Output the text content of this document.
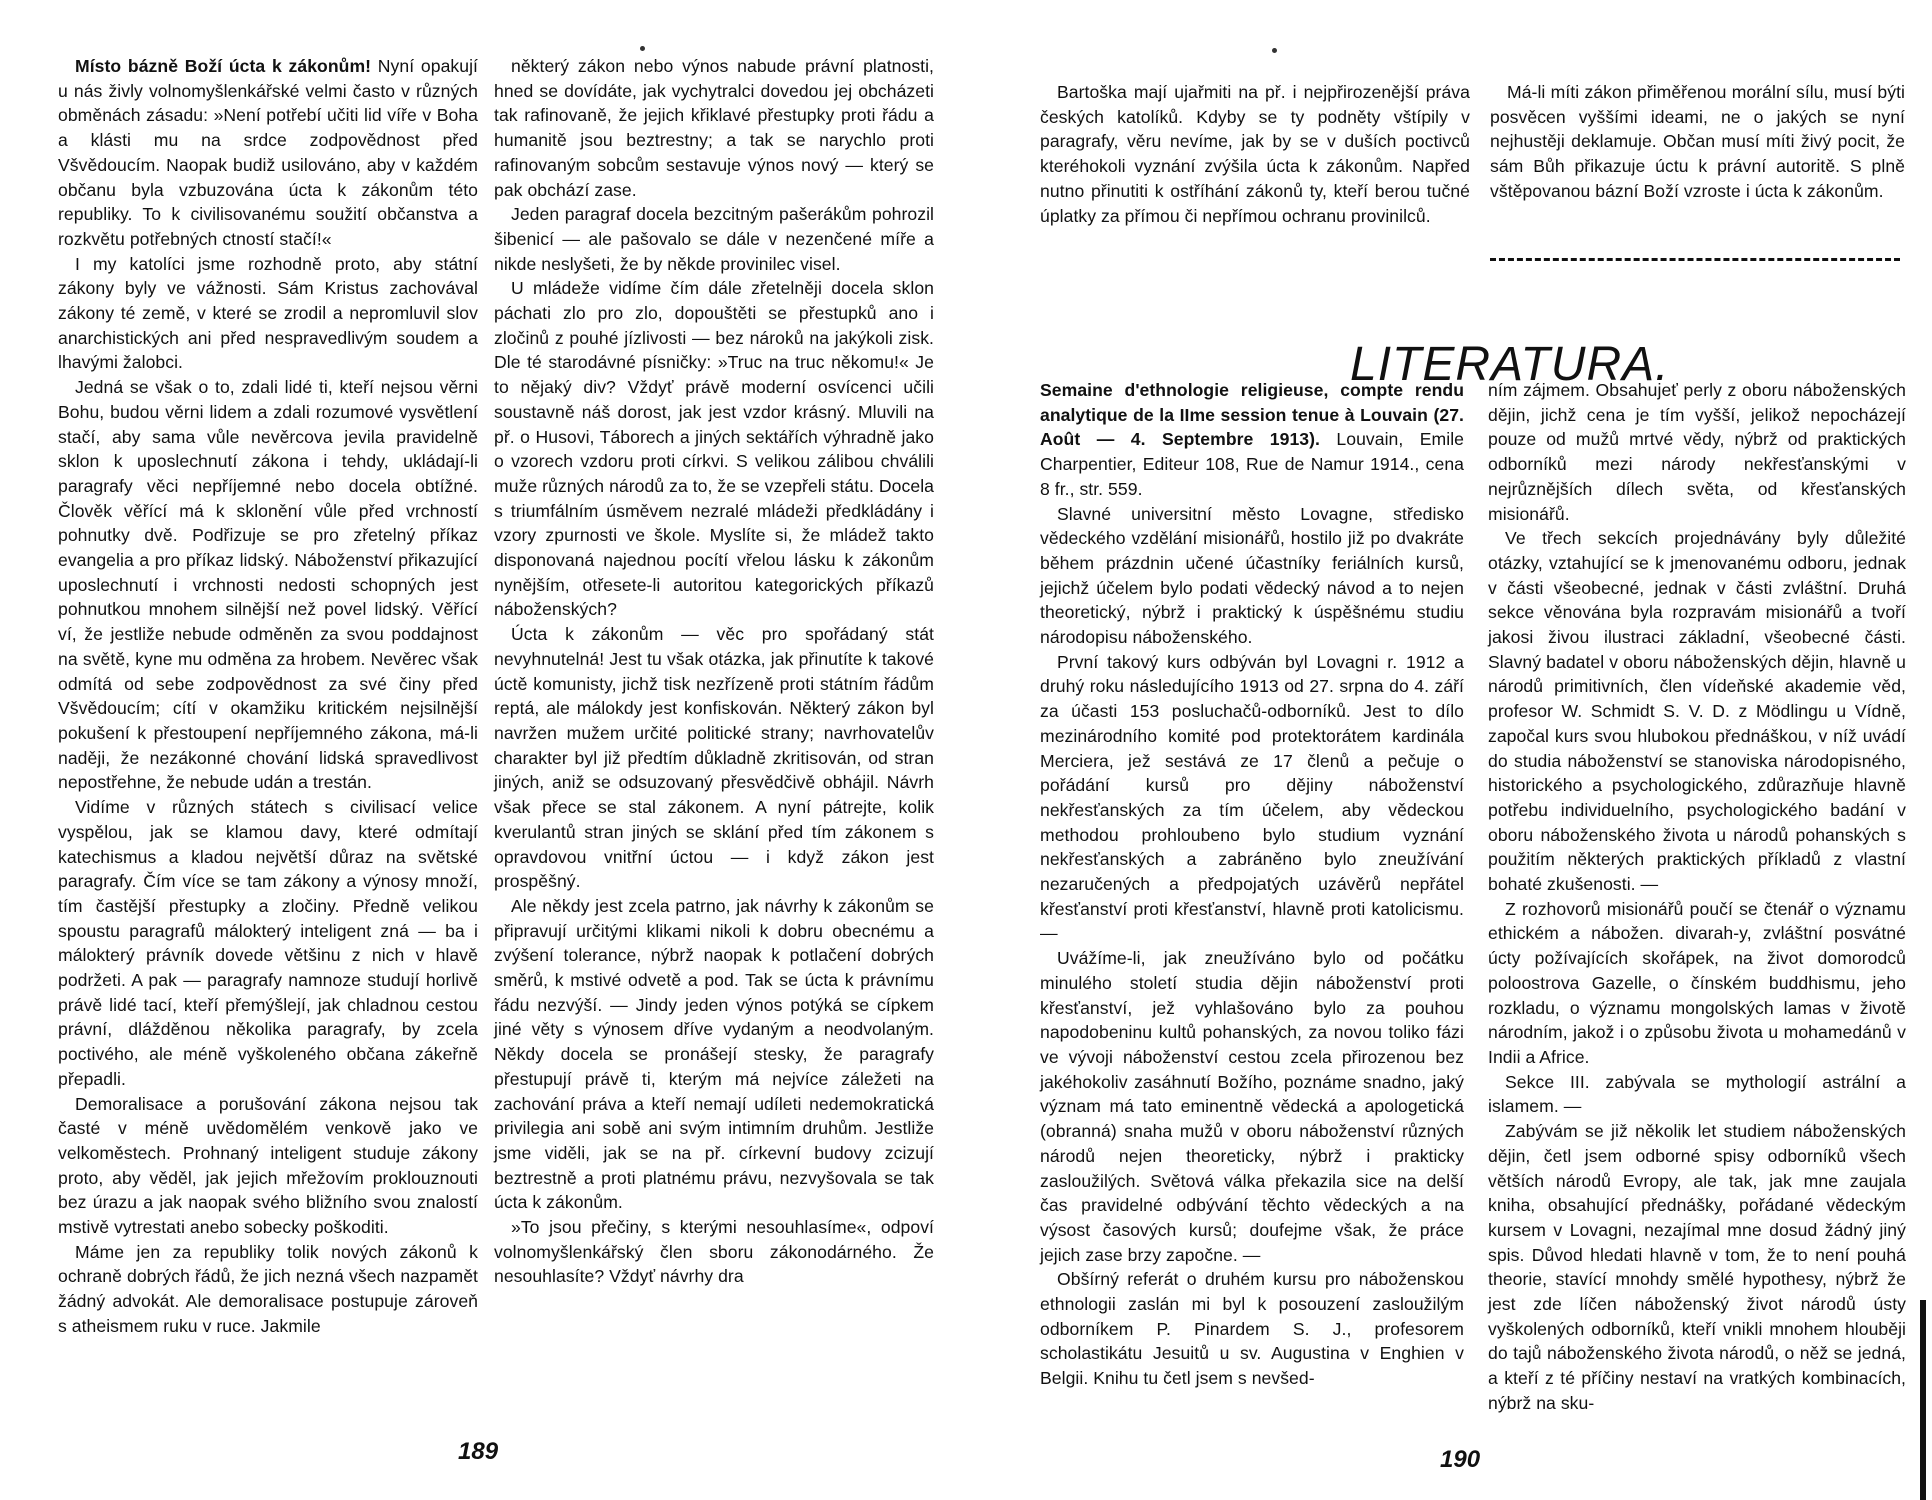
Místo bázně Boží úcta k zákonům! Nyní opakují u nás živly volnomyšlenkářské velmi často v různých obměnách zásadu: »Není potřebí učiti lid víře v Boha a klásti mu na srdce zodpovědnost před Všvědoucím. Naopak budiž usilováno, aby v každém občanu byla vzbuzována úcta k zákonům této republiky. To k civilisovanému soužití občanstva a rozkvětu potřebných ctností stačí!«

I my katolíci jsme rozhodně proto, aby státní zákony byly ve vážnosti. Sám Kristus zachovával zákony té země, v které se zrodil a nepromluvil slov anarchistických ani před nespravedlivým soudem a lhavými žalobci.

Jedná se však o to, zdali lidé ti, kteří nejsou věrni Bohu, budou věrni lidem a zdali rozumové vysvětlení stačí, aby sama vůle nevěrcova jevila pravidelně sklon k uposlechnutí zákona i tehdy, ukládají-li paragrafy věci nepříjemné nebo docela obtížné. Člověk věřící má k sklonění vůle před vrchností pohnutky dvě. Podřizuje se pro zřetelný příkaz evangelia a pro příkaz lidský. Náboženství přikazující uposlechnutí i vrchnosti nedosti schopných jest pohnutkou mnohem silnější než povel lidský. Věřící ví, že jestliže nebude odměněn za svou poddajnost na světě, kyne mu odměna za hrobem. Nevěrec však odmítá od sebe zodpovědnost za své činy před Všvědoucím; cítí v okamžiku kritickém nejsilnější pokušení k přestoupení nepříjemného zákona, má-li naději, že nezákonné chování lidská spravedlivost nepostřehne, že nebude udán a trestán.

Vidíme v různých státech s civilisací velice vyspělou, jak se klamou davy, které odmítají katechismus a kladou největší důraz na světské paragrafy. Čím více se tam zákony a výnosy množí, tím častější přestupky a zločiny. Předně velikou spoustu paragrafů málokterý inteligent zná — ba i málokterý právník dovede většinu z nich v hlavě podržeti. A pak — paragrafy namnoze studují horlivě právě lidé tací, kteří přemýšlejí, jak chladnou cestou právní, dlážděnou několika paragrafy, by zcela poctivého, ale méně vyškoleného občana zákeřně přepadli.

Demoralisace a porušování zákona nejsou tak časté v méně uvědomělém venkově jako ve velkoměstech. Prohnaný inteligent studuje zákony proto, aby věděl, jak jejich mřežovím proklouznouti bez úrazu a jak naopak svého bližního svou znalostí mstivě vytrestati anebo sobecky poškoditi.

Máme jen za republiky tolik nových zákonů k ochraně dobrých řádů, že jich nezná všech nazpamět žádný advokát. Ale demoralisace postupuje zároveň s atheismem ruku v ruce. Jakmile

některý zákon nebo výnos nabude právní platnosti, hned se dovídáte, jak vychytralci dovedou jej obcházeti tak rafinovaně, že jejich křiklavé přestupky proti řádu a humanitě jsou beztrestny; a tak se narychlo proti rafinovaným sobcům sestavuje výnos nový — který se pak obchází zase.

Jeden paragraf docela bezcitným pašerákům pohrozil šibenicí — ale pašovalo se dále v nezenčené míře a nikde neslyšeti, že by někde provinilec visel.

U mládeže vidíme čím dále zřetelněji docela sklon páchati zlo pro zlo, dopouštěti se přestupků ano i zločinů z pouhé jízlivosti — bez nároků na jakýkoli zisk. Dle té starodávné písničky: »Truc na truc někomu!« Je to nějaký div? Vždyť právě moderní osvícenci učili soustavně náš dorost, jak jest vzdor krásný. Mluvili na př. o Husovi, Táborech a jiných sektářích výhradně jako o vzorech vzdoru proti církvi. S velikou zálibou chválili muže různých národů za to, že se vzepřeli státu. Docela s triumfálním úsměvem nezralé mládeži předkládány i vzory zpurnosti ve škole. Myslíte si, že mládež takto disponovaná najednou pocítí vřelou lásku k zákonům nynějším, otřesete-li autoritou kategorických příkazů náboženských?

Úcta k zákonům — věc pro spořádaný stát nevyhnutelná! Jest tu však otázka, jak přinutíte k takové úctě komunisty, jichž tisk nezřízeně proti státním řádům reptá, ale málokdy jest konfiskován. Některý zákon byl navržen mužem určité politické strany; navrhovatelův charakter byl již předtím důkladně zkritisován, od stran jiných, aniž se odsuzovaný přesvědčivě obhájil. Návrh však přece se stal zákonem. A nyní pátrejte, kolik kverulantů stran jiných se sklání před tím zákonem s opravdovou vnitřní úctou — i když zákon jest prospěšný.

Ale někdy jest zcela patrno, jak návrhy k zákonům se připravují určitými klikami nikoli k dobru obecnému a zvýšení tolerance, nýbrž naopak k potlačení dobrých směrů, k mstivé odvetě a pod. Tak se úcta k právnímu řádu nezvýší. — Jindy jeden výnos potýká se cípkem jiné věty s výnosem dříve vydaným a neodvolaným. Někdy docela se pronášejí stesky, že paragrafy přestupují právě ti, kterým má nejvíce záležeti na zachování práva a kteří nemají udíleti nedemokratická privilegia ani sobě ani svým intimním druhům. Jestliže jsme viděli, jak se na př. církevní budovy zcizují beztrestně a proti platnému právu, nezvyšovala se tak úcta k zákonům.

»To jsou přečiny, s kterými nesouhlasíme«, odpoví volnomyšlenkářský člen sboru zákonodárného. Že nesouhlasíte? Vždyť návrhy dra

189

Bartoška mají ujařmiti na př. i nejpřirozenější práva českých katolíků. Kdyby se ty podněty vštípily v paragrafy, věru nevíme, jak by se v duších poctivců kteréhokoli vyznání zvýšila úcta k zákonům. Napřed nutno přinutiti k ostříhání zákonů ty, kteří berou tučné úplatky za přímou či nepřímou ochranu provinilců.

Má-li míti zákon přiměřenou morální sílu, musí býti posvěcen vyššími ideami, ne o jakých se nyní nejhustěji deklamuje. Občan musí míti živý pocit, že sám Bůh přikazuje úctu k právní autoritě. S plně vštěpovanou bázní Boží vzroste i úcta k zákonům.

LITERATURA.

Semaine d'ethnologie religieuse, compte rendu analytique de la IIme session tenue à Louvain (27. Août — 4. Septembre 1913). Louvain, Emile Charpentier, Editeur 108, Rue de Namur 1914., cena 8 fr., str. 559.

Slavné universitní město Lovagne, středisko vědeckého vzdělání misionářů, hostilo již po dvakráte během prázdnin učené účastníky feriálních kursů, jejichž účelem bylo podati vědecký návod a to nejen theoretický, nýbrž i praktický k úspěšnému studiu národopisu náboženského.

První takový kurs odbýván byl Lovagni r. 1912 a druhý roku následujícího 1913 od 27. srpna do 4. září za účasti 153 posluchačů-odborníků. Jest to dílo mezinárodního komité pod protektorátem kardinála Merciera, jež sestává ze 17 členů a pečuje o pořádání kursů pro dějiny náboženství nekřesťanských za tím účelem, aby vědeckou methodou prohloubeno bylo studium vyznání nekřesťanských a zabráněno bylo zneužívání nezaručených a předpojatých uzávěrů nepřátel křesťanství proti křesťanství, hlavně proti katolicismu. —

Uvážíme-li, jak zneužíváno bylo od počátku minulého století studia dějin náboženství proti křesťanství, jež vyhlašováno bylo za pouhou napodobeninu kultů pohanských, za novou toliko fázi ve vývoji náboženství cestou zcela přirozenou bez jakéhokoliv zasáhnutí Božího, poznáme snadno, jaký význam má tato eminentně vědecká a apologetická (obranná) snaha mužů v oboru náboženství různých národů nejen theoreticky, nýbrž i prakticky zasloužilých. Světová válka překazila sice na delší čas pravidelné odbývání těchto vědeckých a na výsost časových kursů; doufejme však, že práce jejich zase brzy započne. —

Obšírný referát o druhém kursu pro náboženskou ethnologii zaslán mi byl k posouzení zasloužilým odborníkem P. Pinardem S. J., profesorem scholastikátu Jesuitů u sv. Augustina v Enghien v Belgii. Knihu tu četl jsem s nevšed-

ním zájmem. Obsahujeť perly z oboru náboženských dějin, jichž cena je tím vyšší, jelikož nepocházejí pouze od mužů mrtvé vědy, nýbrž od praktických odborníků mezi národy nekřesťanskými v nejrůznějších dílech světa, od křesťanských misionářů.

Ve třech sekcích projednávány byly důležité otázky, vztahující se k jmenovanému odboru, jednak v části všeobecné, jednak v části zvláštní. Druhá sekce věnována byla rozpravám misionářů a tvoří jakosi živou ilustraci základní, všeobecné části. Slavný badatel v oboru náboženských dějin, hlavně u národů primitivních, člen vídeňské akademie věd, profesor W. Schmidt S. V. D. z Mödlingu u Vídně, započal kurs svou hlubokou přednáškou, v níž uvádí do studia náboženství se stanoviska národopisného, historického a psychologického, zdůrazňuje hlavně potřebu individuelního, psychologického badání v oboru náboženského života u národů pohanských s použitím některých praktických příkladů z vlastní bohaté zkušenosti. —

Z rozhovorů misionářů poučí se čtenář o významu ethickém a nábožen. divarah-y, zvláštní posvátné úcty požívajících skořápek, na život domorodců poloostrova Gazelle, o čínském buddhismu, jeho rozkladu, o významu mongolských lamas v životě národním, jakož i o způsobu života u mohamedánů v Indii a Africe.

Sekce III. zabývala se mythologií astrální a islamem. —

Zabývám se již několik let studiem náboženských dějin, četl jsem odborné spisy odborníků všech větších národů Evropy, ale tak, jak mne zaujala kniha, obsahující přednášky, pořádané vědeckým kursem v Lovagni, nezajímal mne dosud žádný jiný spis. Důvod hledati hlavně v tom, že to není pouhá theorie, stavící mnohdy smělé hypothesy, nýbrž že jest zde líčen náboženský život národů ústy vyškolených odborníků, kteří vnikli mnohem hlouběji do tajů náboženského života národů, o něž se jedná, a kteří z té příčiny nestaví na vratkých kombinacích, nýbrž na sku-

190
